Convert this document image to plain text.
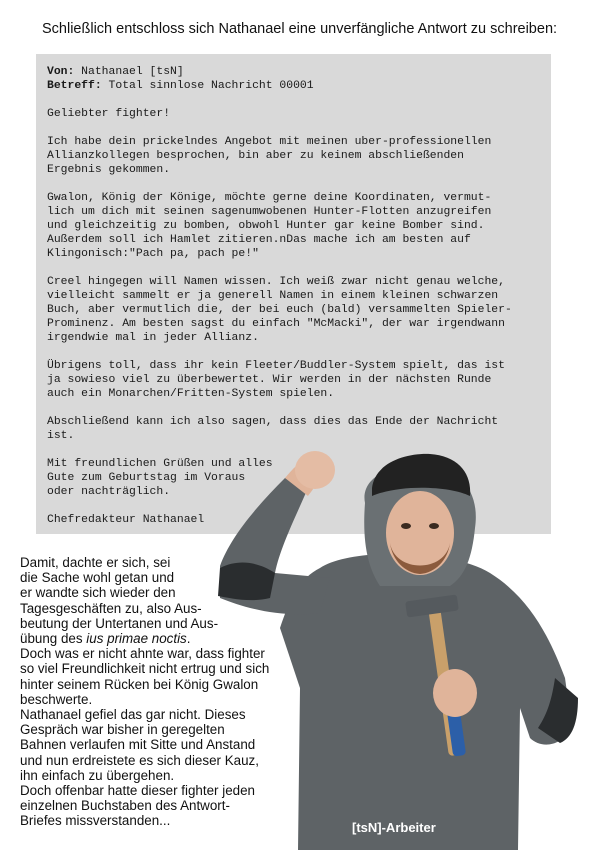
Schließlich entschloss sich Nathanael eine unverfängliche Antwort zu schreiben:

Von: Nathanael [tsN]

Betreff: Total sinnlose Nachricht 00001

Geliebter fighter!

Ich habe dein prickelndes Angebot mit meinen uber-professionellen
Allianzkollegen besprochen, bin aber zu keinem abschließenden
Ergebnis gekommen.

Gwalon, König der Könige, möchte gerne deine Koordinaten, vermut-
lich um dich mit seinen sagenumwobenen Hunter-Flotten anzugreifen
und gleichzeitig zu bomben, obwohl Hunter gar keine Bomber sind.
Außerdem soll ich Hamlet zitieren.nDas mache ich am besten auf
Klingonisch:"Pach pa, pach pe!"

Creel hingegen will Namen wissen. Ich weiß zwar nicht genau welche,
vielleicht sammelt er ja generell Namen in einem kleinen schwarzen
Buch, aber vermutlich die, der bei euch (bald) versammelten Spieler-
Prominenz. Am besten sagst du einfach "McMacki", der war irgendwann
irgendwie mal in jeder Allianz.

Übrigens toll, dass ihr kein Fleeter/Buddler-System spielt, das ist
ja sowieso viel zu überbewertet. Wir werden in der nächsten Runde
auch ein Monarchen/Fritten-System spielen.

Abschließend kann ich also sagen, dass dies das Ende der Nachricht
ist.

Mit freundlichen Grüßen und alles
Gute zum Geburtstag im Voraus
oder nachträglich.

Chefredakteur Nathanael

Damit, dachte er sich, sei
die Sache wohl getan und
er wandte sich wieder den
Tagesgeschäften zu, also Aus-
beutung der Untertanen und Aus-
übung des ius primae noctis.

Doch was er nicht ahnte war, dass fighter
so viel Freundlichkeit nicht ertrug und sich
hinter seinem Rücken bei König Gwalon
beschwerte.
Nathanael gefiel das gar nicht. Dieses
Gespräch war bisher in geregelten
Bahnen verlaufen mit Sitte und Anstand
und nun erdreistete es sich dieser Kauz,
ihn einfach zu übergehen.
Doch offenbar hatte dieser fighter jeden
einzelnen Buchstaben des Antwort-
Briefes missverstanden...	[tsN]-Arbeiter
